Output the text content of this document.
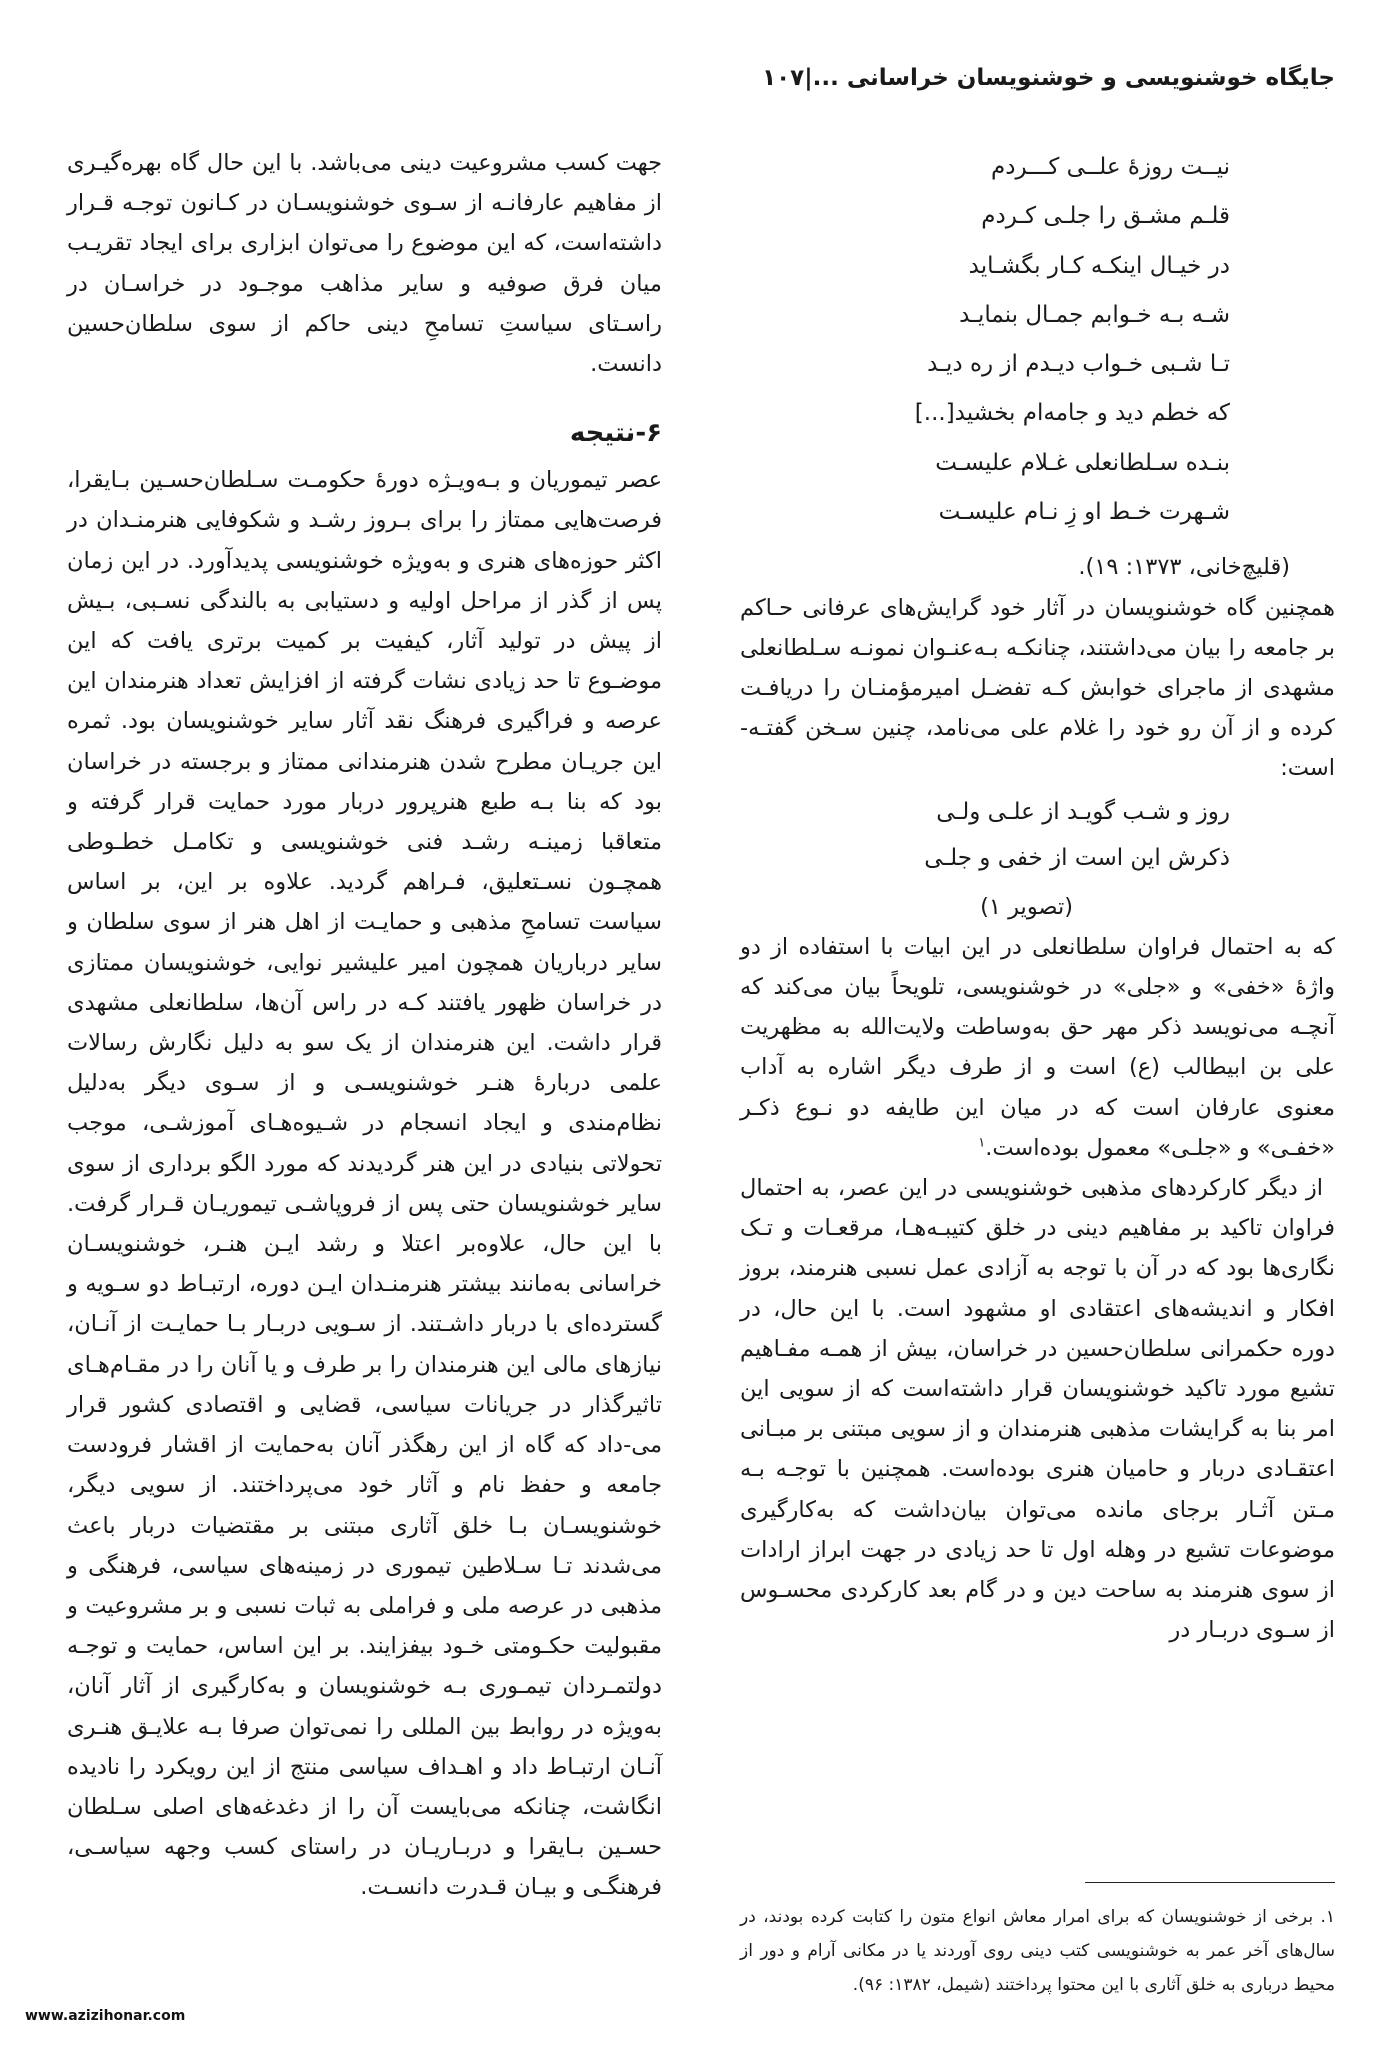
جایگاه خوشنویسی و خوشنویسان خراسانی ...|۱۰۷
نیــت روزهٔ علــی کـــردم
قلـم مشـق را جلـی کـردم
در خیـال اینکـه کـار بگشـاید
شـه بـه خـوابم جمـال بنمایـد
تـا شـبی خـواب دیـدم از ره دیـد
که خطم دید و جامه‌ام بخشید[...]
بنـده سـلطانعلی غـلام علیسـت
شـهرت خـط او زِ نـام علیسـت

(قلیچ‌خانی، ۱۳۷۳: ۱۹).

همچنین گاه خوشنویسان در آثار خود گرایش‌های عرفانی حـاکم بر جامعه را بیان می‌داشتند، چنانکـه بـه‌عنـوان نمونـه سـلطانعلی مشهدی از ماجرای خوابش کـه تفضـل امیرمؤمنـان را دریافـت کرده و از آن رو خود را غلام علی می‌نامد، چنین سـخن گفتـه-است:

روز و شـب گویـد از علـی ولـی
ذکرش این است از خفی و جلـی

(تصویر ۱)

که به احتمال فراوان سلطانعلی در این ابیات با استفاده از دو واژهٔ «خفی» و «جلی» در خوشنویسی، تلویحاً بیان می‌کند که آنچـه می‌نویسد ذکر مهر حق به‌وساطت ولایت‌الله به مظهریت علی بن ابیطالب (ع) است و از طرف دیگر اشاره به آداب معنوی عارفان است که در میان این طایفه دو نـوع ذکـر «خفـی» و «جلـی» معمول بوده‌است.$^۱$

از دیگر کارکردهای مذهبی خوشنویسی در این عصر، به احتمال فراوان تاکید بر مفاهیم دینی در خلق کتیبـه‌هـا، مرقعـات و تـک نگاری‌ها بود که در آن با توجه به آزادی عمل نسبی هنرمند، بروز افکار و اندیشه‌های اعتقادی او مشهود است. با این حال، در دوره حکمرانی سلطان‌حسین در خراسان، بیش از همـه مفـاهیم تشیع مورد تاکید خوشنویسان قرار داشته‌است که از سویی این امر بنا به گرایشات مذهبی هنرمندان و از سویی مبتنی بر مبـانی اعتقـادی دربار و حامیان هنری بوده‌است. همچنین با توجـه بـه مـتن آثـار برجای مانده می‌توان بیان‌داشت که به‌کارگیری موضوعات تشیع در وهله اول تا حد زیادی در جهت ابراز ارادات از سوی هنرمند به ساحت دین و در گام بعد کارکردی محسـوس از سـوی دربـار در

جهت کسب مشروعیت دینی می‌باشد. با این حال گاه بهره‌گیـری از مفاهیم عارفانـه از سـوی خوشنویسـان در کـانون توجـه قـرار داشته‌است، که این موضوع را می‌توان ابزاری برای ایجاد تقریـب میان فرق صوفیه و سایر مذاهب موجـود در خراسـان در راسـتای سیاستِ تسامحِ دینی حاکم از سوی سلطان‌حسین دانست.

۶-نتیجه

عصر تیموریان و بـه‌ویـژه دورهٔ حکومـت سـلطان‌حسـین بـایقرا، فرصت‌هایی ممتاز را برای بـروز رشـد و شکوفایی هنرمنـدان در اکثر حوزه‌های هنری و به‌ویژه خوشنویسی پدیدآورد. در این زمان پس از گذر از مراحل اولیه و دستیابی به بالندگی نسـبی، بـیش از پیش در تولید آثار، کیفیت بر کمیت برتری یافت که این موضـوع تا حد زیادی نشات گرفته از افزایش تعداد هنرمندان این عرصه و فراگیری فرهنگ نقد آثار سایر خوشنویسان بود. ثمره این جریـان مطرح شدن هنرمندانی ممتاز و برجسته در خراسان بود که بنا بـه طبع هنرپرور دربار مورد حمایت قرار گرفته و متعاقبا زمینـه رشـد فنی خوشنویسی و تکامـل خطـوطی همچـون نسـتعلیق، فـراهم گردید. علاوه بر این، بر اساس سیاست تسامحِ مذهبی و حمایـت از اهل هنر از سوی سلطان و سایر درباریان همچون امیر علیشیر نوایی، خوشنویسان ممتازی در خراسان ظهور یافتند کـه در راس آن‌ها، سلطانعلی مشهدی قرار داشت. این هنرمندان از یک سو به دلیل نگارش رسالات علمی دربارهٔ هنـر خوشنویسـی و از سـوی دیگر به‌دلیل نظام‌مندی و ایجاد انسجام در شـیوه‌هـای آموزشـی، موجب تحولاتی بنیادی در این هنر گردیدند که مورد الگو برداری از سوی سایر خوشنویسان حتی پس از فروپاشـی تیموریـان قـرار گرفت. با این حال، علاوه‌بر اعتلا و رشد ایـن هنـر، خوشنویسـان خراسانی به‌مانند بیشتر هنرمنـدان ایـن دوره، ارتبـاط دو سـویه و گسترده‌ای با دربار داشـتند. از سـویی دربـار بـا حمایـت از آنـان، نیازهای مالی این هنرمندان را بر طرف و یا آنان را در مقـام‌هـای تاثیرگذار در جریانات سیاسی، قضایی و اقتصادی کشور قرار می-داد که گاه از این رهگذر آنان به‌حمایت از اقشار فرودست جامعه و حفظ نام و آثار خود می‌پرداختند. از سویی دیگر، خوشنویسـان بـا خلق آثاری مبتنی بر مقتضیات دربار باعث می‌شدند تـا سـلاطین تیموری در زمینه‌های سیاسی، فرهنگی و مذهبی در عرصه ملی و فراملی به ثبات نسبی و بر مشروعیت و مقبولیت حکـومتی خـود بیفزایند. بر این اساس، حمایت و توجـه دولتمـردان تیمـوری بـه خوشنویسان و به‌کارگیری از آثار آنان، به‌ویژه در روابط بین المللی را نمی‌توان صرفا بـه علایـق هنـری آنـان ارتبـاط داد و اهـداف سیاسی منتج از این رویکرد را نادیده انگاشت، چنانکه می‌بایست آن را از دغدغه‌های اصلی سـلطان حسـین بـایقرا و دربـاریـان در راستای کسب وجهه سیاسـی، فرهنگـی و بیـان قـدرت دانسـت.

۱. برخی از خوشنویسان که برای امرار معاش انواع متون را کتابت کرده بودند، در سال‌های آخر عمر به خوشنویسی کتب دینی روی آوردند یا در مکانی آرام و دور از محیط درباری به خلق آثاری با این محتوا پرداختند (شیمل، ۱۳۸۲: ۹۶).
www.azizihonar.com
